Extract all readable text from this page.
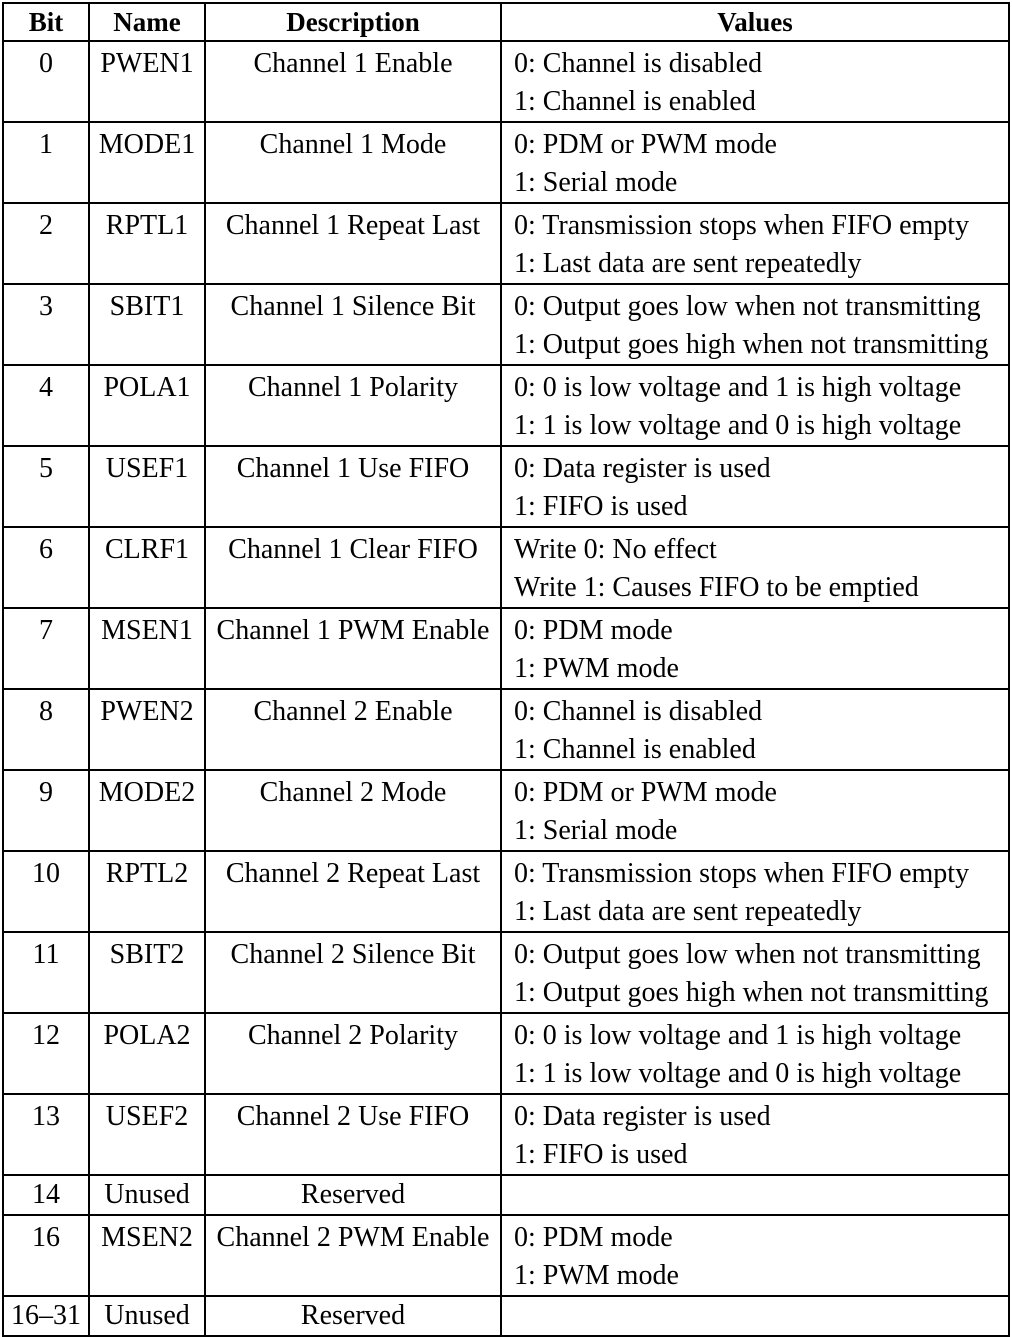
Bit	Name	Description	Values
0	PWEN1	Channel 1 Enable	0: Channel is disabled
1: Channel is enabled

1	MODE1	Channel 1 Mode	0: PDM or PWM mode
1: Serial mode

2	RPTL1	Channel 1 Repeat Last	0: Transmission stops when FIFO empty
1: Last data are sent repeatedly

3	SBIT1	Channel 1 Silence Bit	0: Output goes low when not transmitting
1: Output goes high when not transmitting

4	POLA1	Channel 1 Polarity	0: 0 is low voltage and 1 is high voltage
1: 1 is low voltage and 0 is high voltage

5	USEF1	Channel 1 Use FIFO	0: Data register is used
1: FIFO is used

6	CLRF1	Channel 1 Clear FIFO	Write 0: No effect
Write 1: Causes FIFO to be emptied

7	MSEN1	Channel 1 PWM Enable	0: PDM mode
1: PWM mode

8	PWEN2	Channel 2 Enable	0: Channel is disabled
1: Channel is enabled

9	MODE2	Channel 2 Mode	0: PDM or PWM mode
1: Serial mode

10	RPTL2	Channel 2 Repeat Last	0: Transmission stops when FIFO empty
1: Last data are sent repeatedly

11	SBIT2	Channel 2 Silence Bit	0: Output goes low when not transmitting
1: Output goes high when not transmitting

12	POLA2	Channel 2 Polarity	0: 0 is low voltage and 1 is high voltage
1: 1 is low voltage and 0 is high voltage

13	USEF2	Channel 2 Use FIFO	0: Data register is used
1: FIFO is used

14	Unused	Reserved	
16	MSEN2	Channel 2 PWM Enable	0: PDM mode
1: PWM mode

16–31	Unused	Reserved	
